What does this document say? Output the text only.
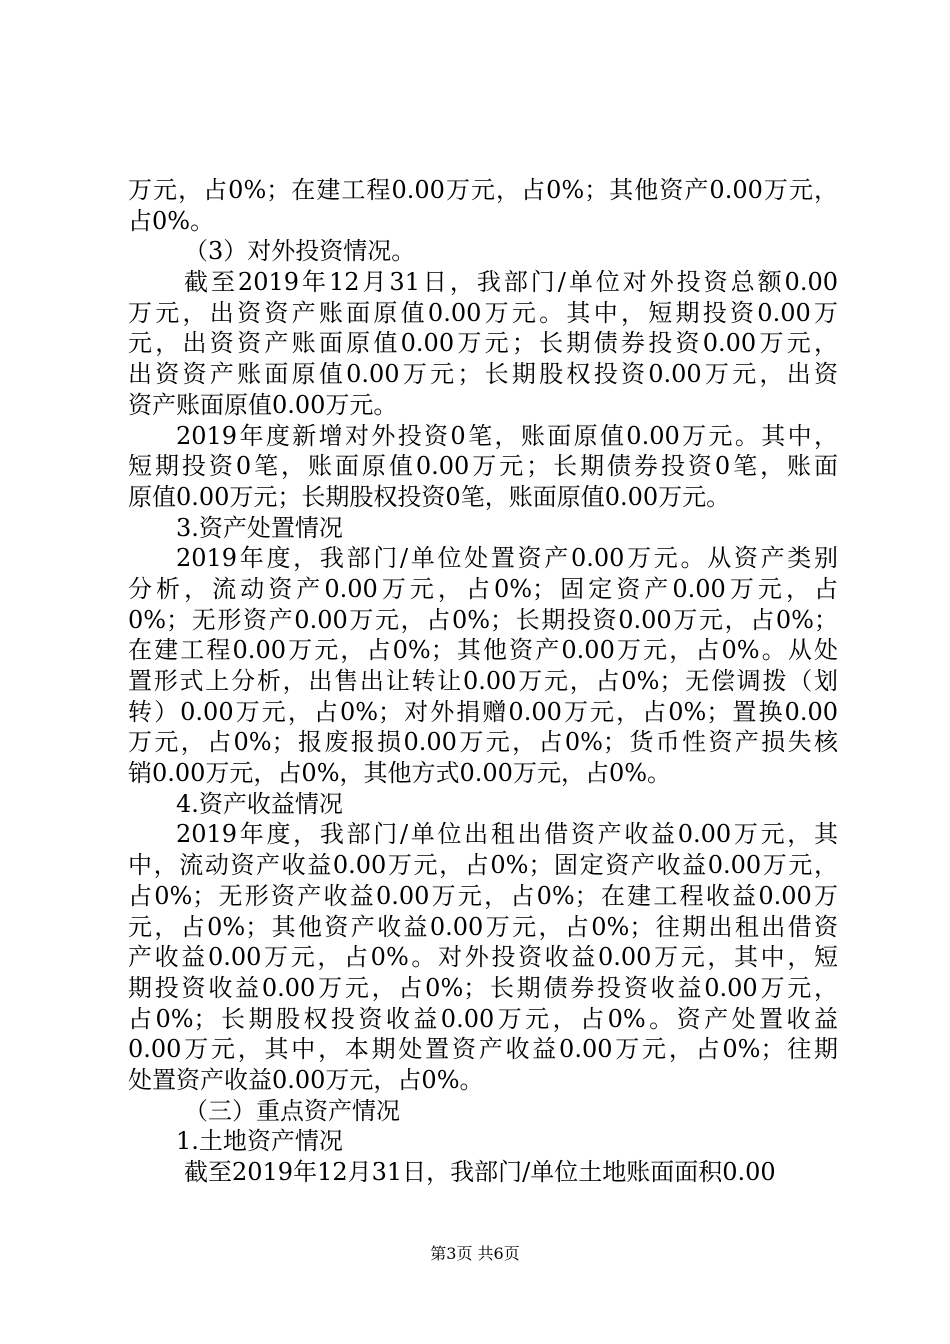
万元，占0%；在建工程0.00万元，占0%；其他资产0.00万元，
占0%。
（3）对外投资情况。
截至2019年12月31日，我部门/单位对外投资总额0.00
万元，出资资产账面原值0.00万元。其中，短期投资0.00万
元，出资资产账面原值0.00万元；长期债券投资0.00万元，
出资资产账面原值0.00万元；长期股权投资0.00万元，出资
资产账面原值0.00万元。
2019年度新增对外投资0笔，账面原值0.00万元。其中，
短期投资0笔，账面原值0.00万元；长期债券投资0笔，账面
原值0.00万元；长期股权投资0笔，账面原值0.00万元。
3.资产处置情况
2019年度，我部门/单位处置资产0.00万元。从资产类别
分析，流动资产0.00万元，占0%；固定资产0.00万元，占
0%；无形资产0.00万元，占0%；长期投资0.00万元，占0%；
在建工程0.00万元，占0%；其他资产0.00万元，占0%。从处
置形式上分析，出售出让转让0.00万元，占0%；无偿调拨（划
转）0.00万元，占0%；对外捐赠0.00万元，占0%；置换0.00
万元，占0%；报废报损0.00万元，占0%；货币性资产损失核
销0.00万元，占0%，其他方式0.00万元，占0%。
4.资产收益情况
2019年度，我部门/单位出租出借资产收益0.00万元，其
中，流动资产收益0.00万元，占0%；固定资产收益0.00万元，
占0%；无形资产收益0.00万元，占0%；在建工程收益0.00万
元，占0%；其他资产收益0.00万元，占0%；往期出租出借资
产收益0.00万元，占0%。对外投资收益0.00万元，其中，短
期投资收益0.00万元，占0%；长期债券投资收益0.00万元，
占0%；长期股权投资收益0.00万元，占0%。资产处置收益
0.00万元，其中，本期处置资产收益0.00万元，占0%；往期
处置资产收益0.00万元，占0%。
（三）重点资产情况
1.土地资产情况
截至2019年12月31日，我部门/单位土地账面面积0.00
第3页 共6页
